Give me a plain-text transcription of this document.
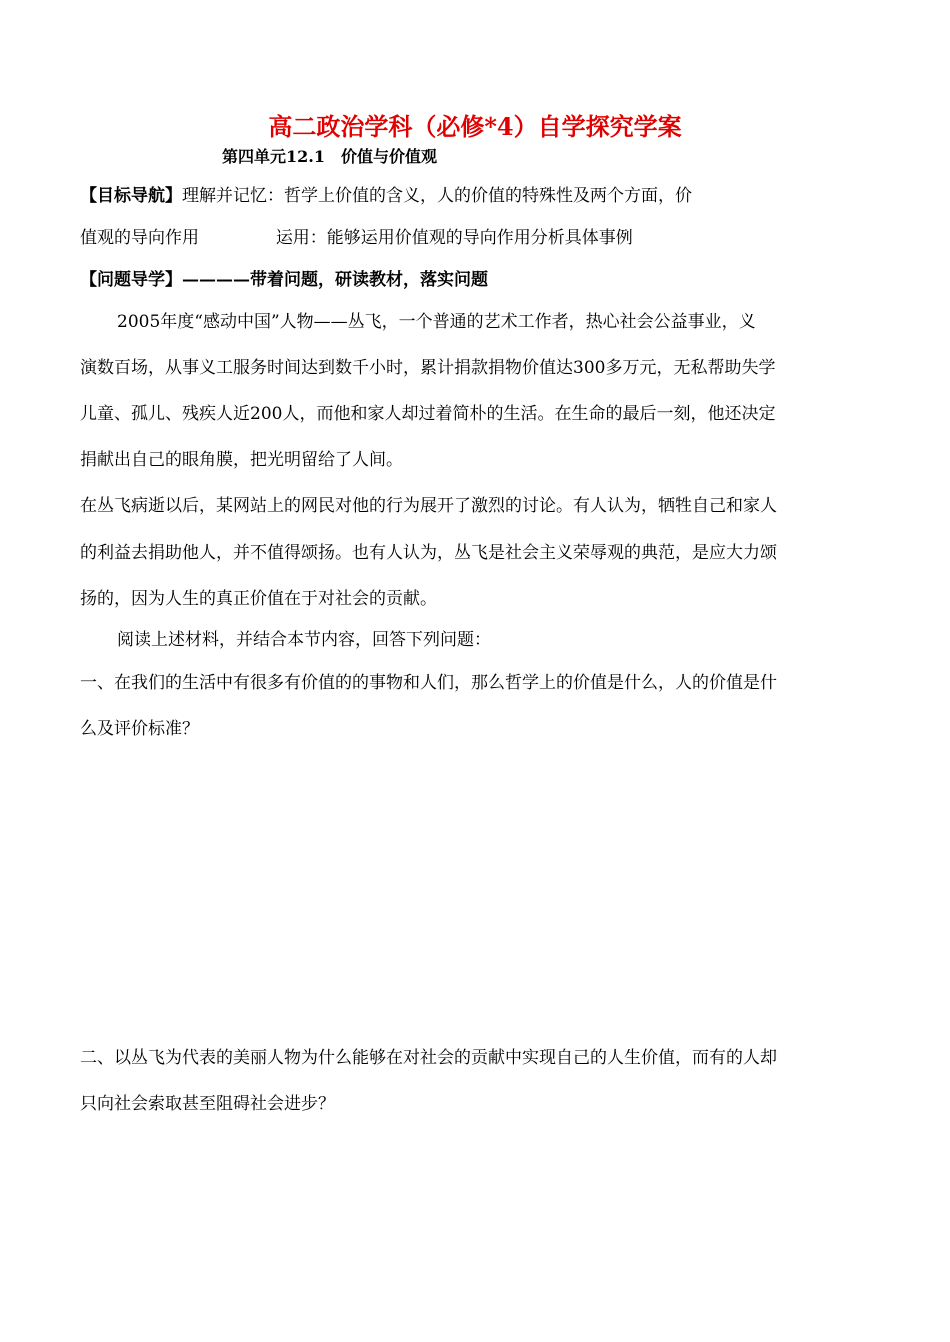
高二政治学科（必修*4）自学探究学案
第四单元12.1　价值与价值观
【目标导航】理解并记忆：哲学上价值的含义，人的价值的特殊性及两个方面，价
值观的导向作用	运用：能够运用价值观的导向作用分析具体事例
【问题导学】————带着问题，研读教材，落实问题
2005年度“感动中国”人物——丛飞，一个普通的艺术工作者，热心社会公益事业，义
演数百场，从事义工服务时间达到数千小时，累计捐款捐物价值达300多万元，无私帮助失学
儿童、孤儿、残疾人近200人，而他和家人却过着简朴的生活。在生命的最后一刻，他还决定
捐献出自己的眼角膜，把光明留给了人间。
在丛飞病逝以后，某网站上的网民对他的行为展开了激烈的讨论。有人认为，牺牲自己和家人
的利益去捐助他人，并不值得颂扬。也有人认为，丛飞是社会主义荣辱观的典范，是应大力颂
扬的，因为人生的真正价值在于对社会的贡献。
阅读上述材料，并结合本节内容，回答下列问题：
一、在我们的生活中有很多有价值的的事物和人们，那么哲学上的价值是什么，人的价值是什
么及评价标准？
二、以丛飞为代表的美丽人物为什么能够在对社会的贡献中实现自己的人生价值，而有的人却
只向社会索取甚至阻碍社会进步？
